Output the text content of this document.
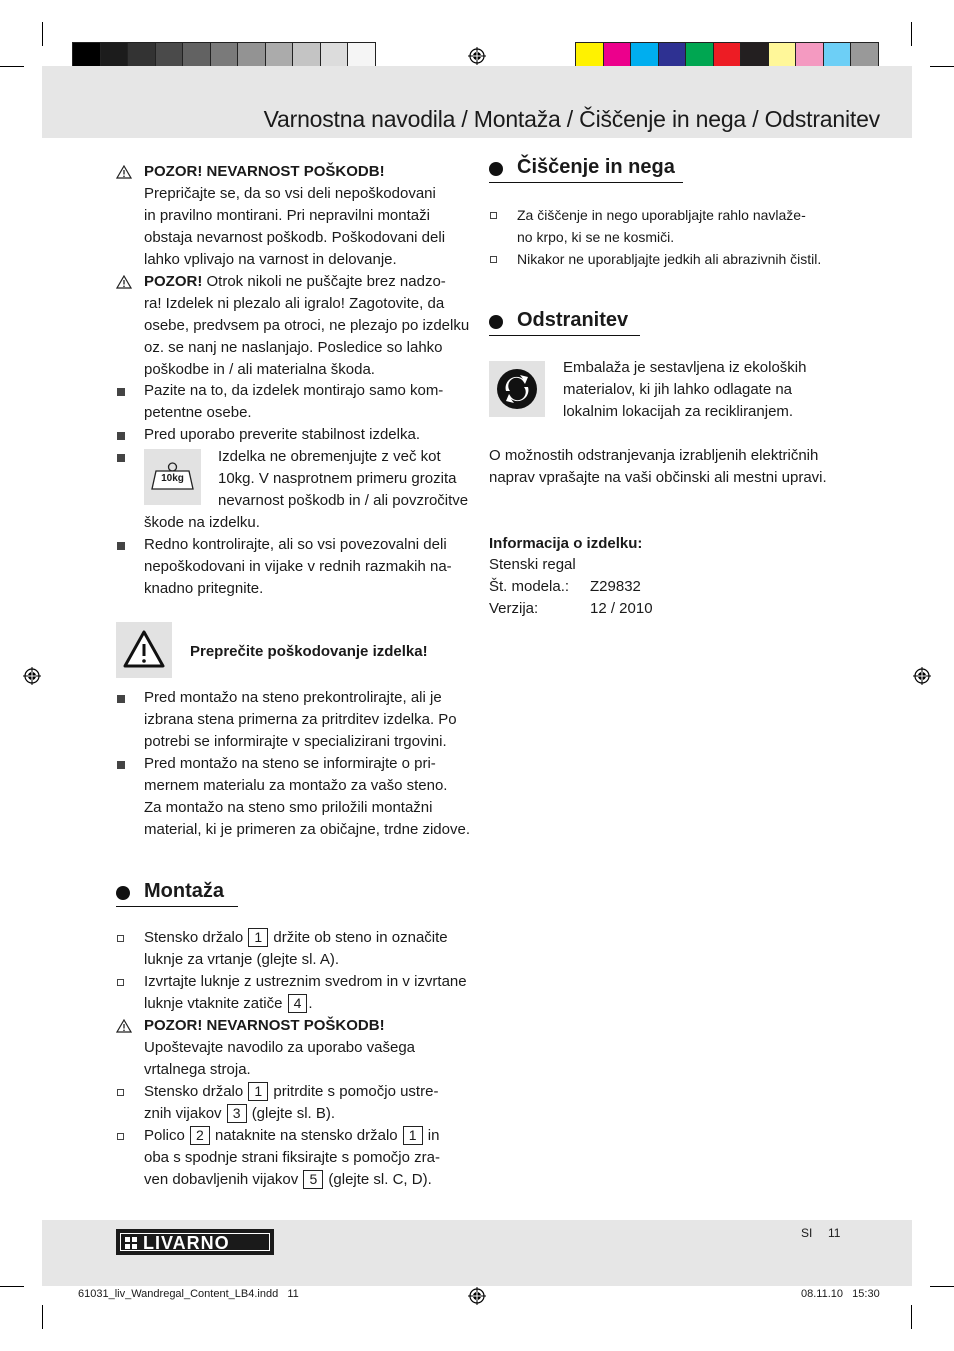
Varnostna navodila / Montaža / Čiščenje in nega / Odstranitev
POZOR! NEVARNOST POŠKODB!
Prepričajte se, da so vsi deli nepoškodovani
in pravilno montirani. Pri nepravilni montaži
obstaja nevarnost poškodb. Poškodovani deli
lahko vplivajo na varnost in delovanje.
POZOR! Otrok nikoli ne puščajte brez nadzo-
ra! Izdelek ni plezalo ali igralo! Zagotovite, da
osebe, predvsem pa otroci, ne plezajo po izdelku
oz. se nanj ne naslanjajo. Posledice so lahko
poškodbe in / ali materialna škoda.
Pazite na to, da izdelek montirajo samo kom-
petentne osebe.
Pred uporabo preverite stabilnost izdelka.
10kg
Izdelka ne obremenjujte z več kot
10kg. V nasprotnem primeru grozita
nevarnost poškodb in / ali povzročitve
škode na izdelku.
Redno kontrolirajte, ali so vsi povezovalni deli
nepoškodovani in vijake v rednih razmakih na-
knadno pritegnite.
Preprečite poškodovanje izdelka!
Pred montažo na steno prekontrolirajte, ali je
izbrana stena primerna za pritrditev izdelka. Po
potrebi se informirajte v specializirani trgovini.
Pred montažo na steno se informirajte o pri-
mernem materialu za montažo za vašo steno.
Za montažo na steno smo priložili montažni
material, ki je primeren za običajne, trdne zidove.
Montaža
Stensko držalo 1 držite ob steno in označite
luknje za vrtanje (glejte sl. A).
Izvrtajte luknje z ustreznim svedrom in v izvrtane
luknje vtaknite zatiče 4 .
POZOR! NEVARNOST POŠKODB!
Upoštevajte navodilo za uporabo vašega
vrtalnega stroja.
Stensko držalo 1 pritrdite s pomočjo ustre-
znih vijakov 3 (glejte sl. B).
Polico 2 nataknite na stensko držalo 1 in
oba s spodnje strani fiksirajte s pomočjo zra-
ven dobavljenih vijakov 5 (glejte sl. C, D).
Čiščenje in nega
Za čiščenje in nego uporabljajte rahlo navlaže-
no krpo, ki se ne kosmiči.
Nikakor ne uporabljajte jedkih ali abrazivnih čistil.
Odstranitev
Embalaža je sestavljena iz ekoloških
materialov, ki jih lahko odlagate na
lokalnim lokacijah za recikliranjem.
O možnostih odstranjevanja izrabljenih električnih
naprav vprašajte na vaši občinski ali mestni upravi.
Informacija o izdelku:
Stenski regal
Št. modela.: Z29832
Verzija:	12 / 2010
LIVARNO	SI 11
61031_liv_Wandregal_Content_LB4.indd   11	08.11.10   15:30
